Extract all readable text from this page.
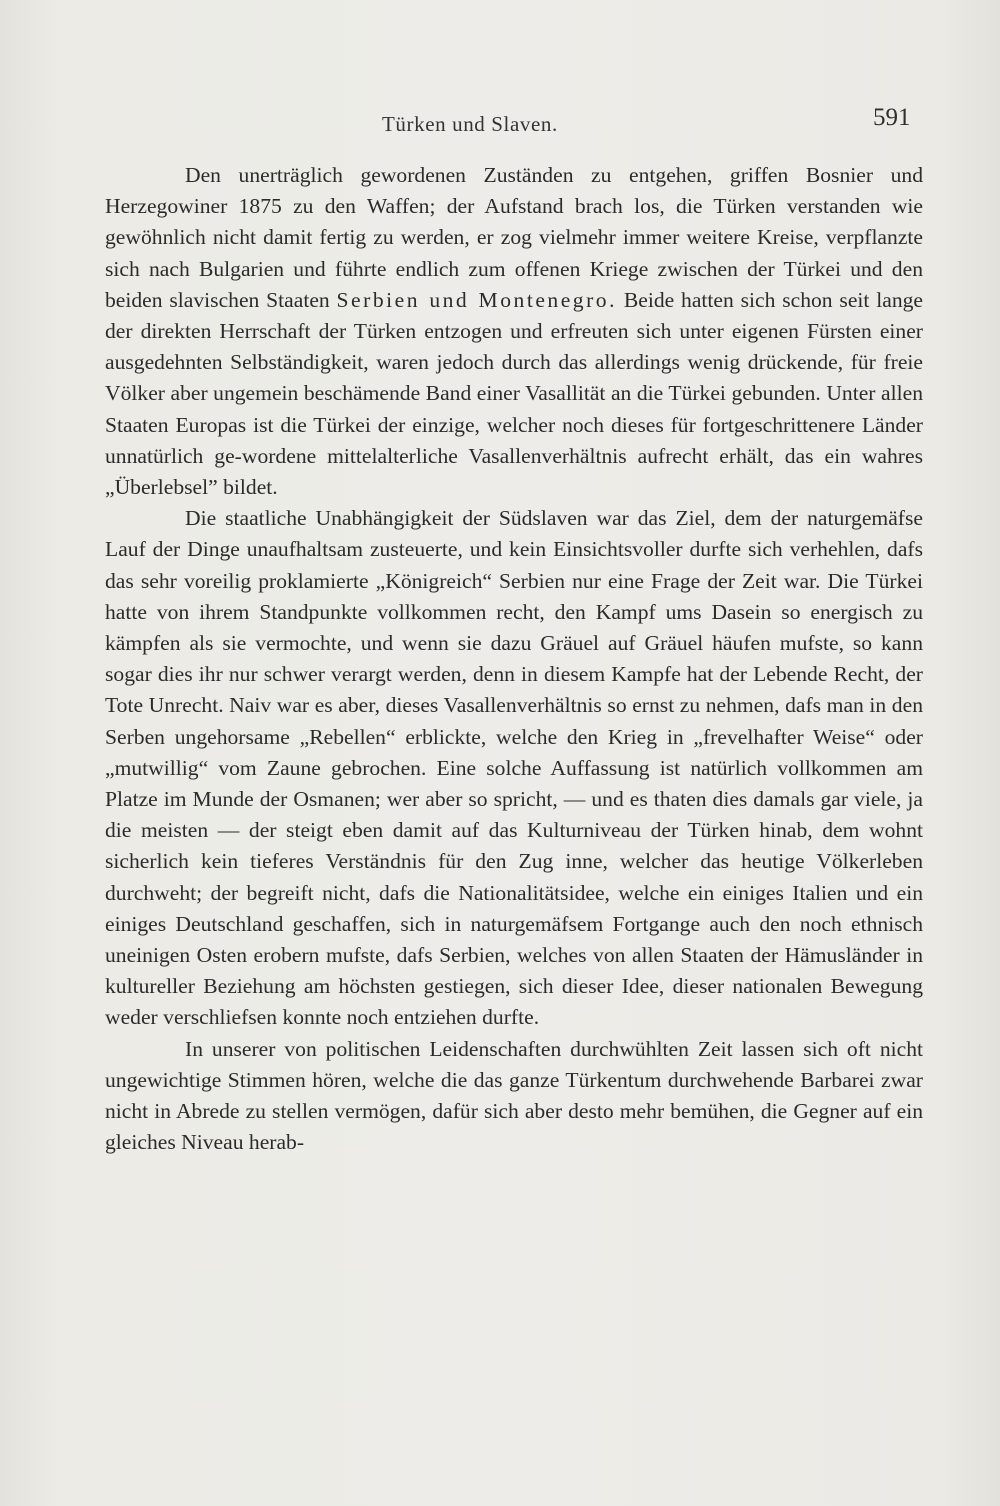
Türken und Slaven.	591

Den unerträglich gewordenen Zuständen zu entgehen, griffen Bosnier und Herzegowiner 1875 zu den Waffen; der Aufstand brach los, die Türken verstanden wie gewöhnlich nicht damit fertig zu werden, er zog vielmehr immer weitere Kreise, verpflanzte sich nach Bulgarien und führte endlich zum offenen Kriege zwischen der Türkei und den beiden slavischen Staaten Serbien und Montenegro. Beide hatten sich schon seit lange der direkten Herrschaft der Türken entzogen und erfreuten sich unter eigenen Fürsten einer ausgedehnten Selbständigkeit, waren jedoch durch das allerdings wenig drückende, für freie Völker aber ungemein beschämende Band einer Vasallität an die Türkei gebunden. Unter allen Staaten Europas ist die Türkei der einzige, welcher noch dieses für fortgeschrittenere Länder unnatürlich ge-wordene mittelalterliche Vasallenverhältnis aufrecht erhält, das ein wahres „Überlebsel” bildet.

Die staatliche Unabhängigkeit der Südslaven war das Ziel, dem der naturgemäfse Lauf der Dinge unaufhaltsam zusteuerte, und kein Einsichtsvoller durfte sich verhehlen, dafs das sehr voreilig proklamierte „Königreich“ Serbien nur eine Frage der Zeit war. Die Türkei hatte von ihrem Standpunkte vollkommen recht, den Kampf ums Dasein so energisch zu kämpfen als sie vermochte, und wenn sie dazu Gräuel auf Gräuel häufen mufste, so kann sogar dies ihr nur schwer verargt werden, denn in diesem Kampfe hat der Lebende Recht, der Tote Unrecht. Naiv war es aber, dieses Vasallenverhältnis so ernst zu nehmen, dafs man in den Serben ungehorsame „Rebellen“ erblickte, welche den Krieg in „frevelhafter Weise“ oder „mutwillig“ vom Zaune gebrochen. Eine solche Auffassung ist natürlich vollkommen am Platze im Munde der Osmanen; wer aber so spricht, — und es thaten dies damals gar viele, ja die meisten — der steigt eben damit auf das Kulturniveau der Türken hinab, dem wohnt sicherlich kein tieferes Verständnis für den Zug inne, welcher das heutige Völkerleben durchweht; der begreift nicht, dafs die Nationalitätsidee, welche ein einiges Italien und ein einiges Deutschland geschaffen, sich in naturgemäfsem Fortgange auch den noch ethnisch uneinigen Osten erobern mufste, dafs Serbien, welches von allen Staaten der Hämusländer in kultureller Beziehung am höchsten gestiegen, sich dieser Idee, dieser nationalen Bewegung weder verschliefsen konnte noch entziehen durfte.

In unserer von politischen Leidenschaften durchwühlten Zeit lassen sich oft nicht ungewichtige Stimmen hören, welche die das ganze Türkentum durchwehende Barbarei zwar nicht in Abrede zu stellen vermögen, dafür sich aber desto mehr bemühen, die Gegner auf ein gleiches Niveau herab-
